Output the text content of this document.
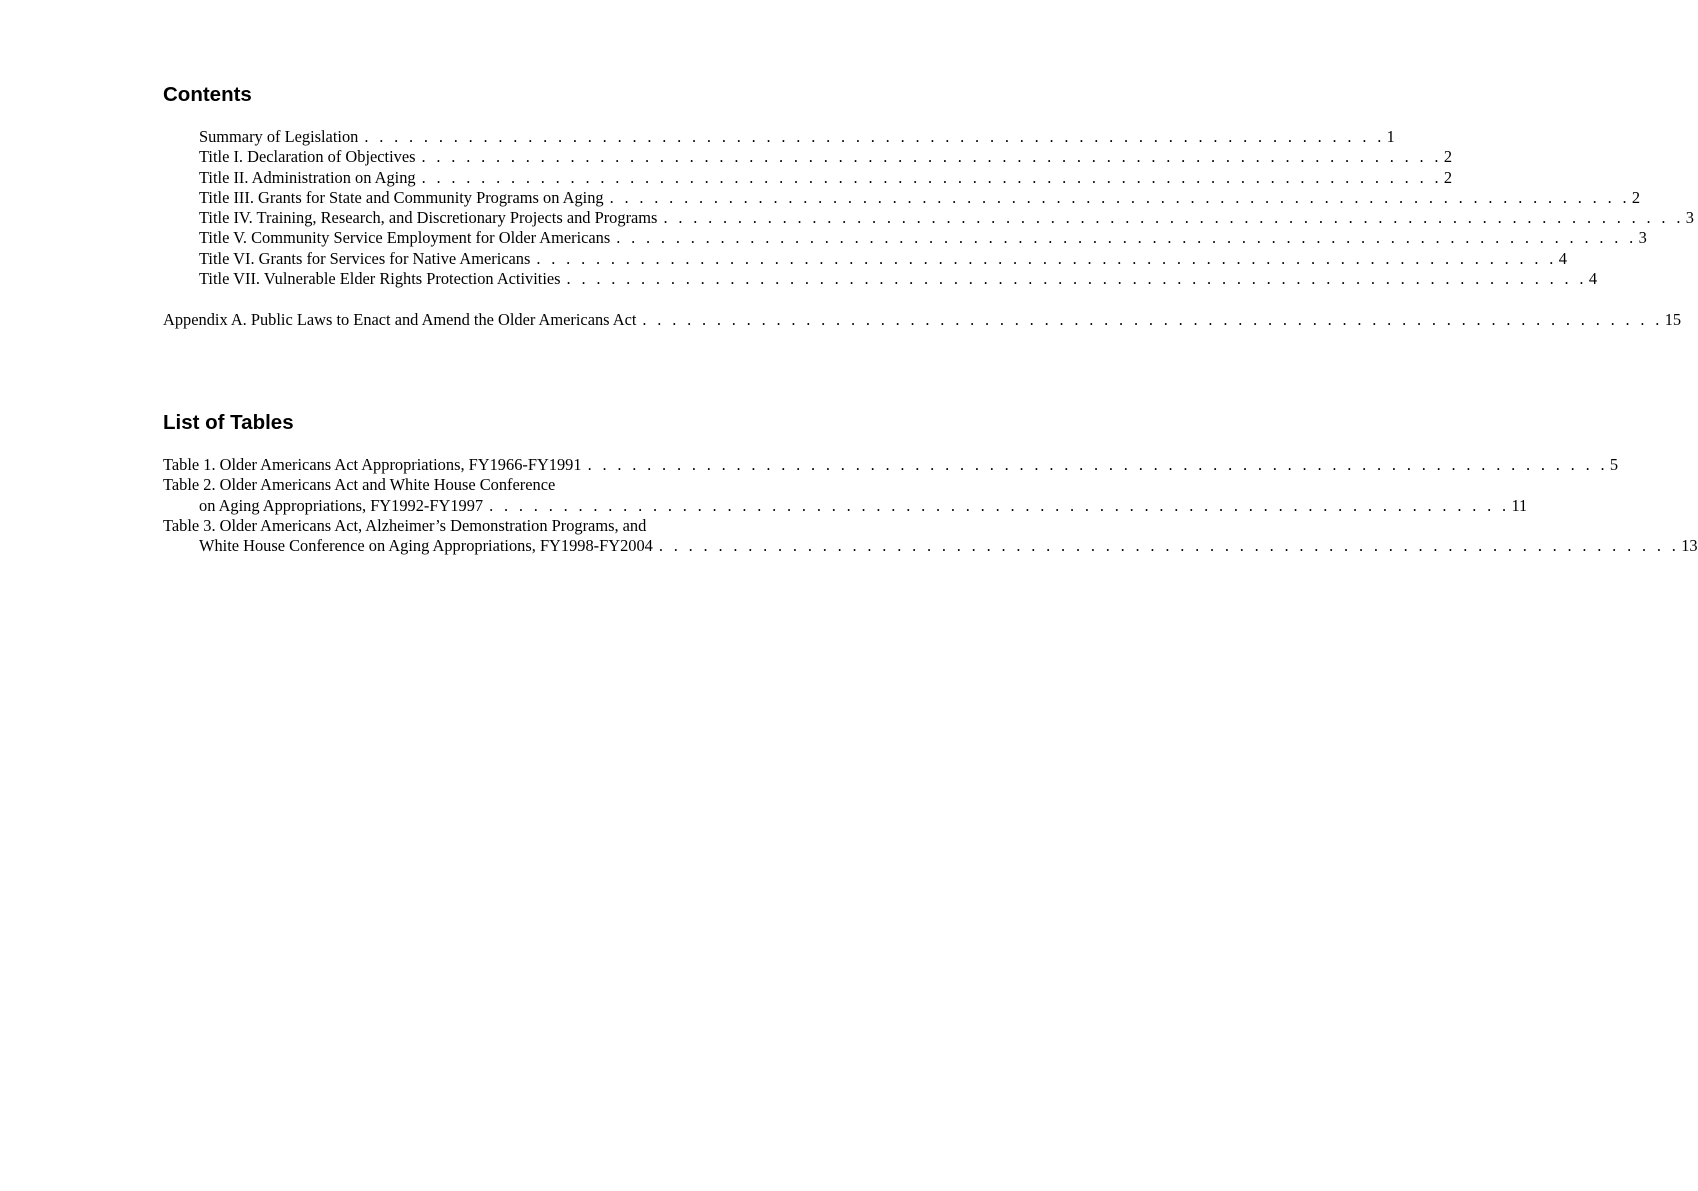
Contents
Summary of Legislation . . . . . . . . . . . . . . . . . . . . . . . . . . . . . . . . . . . . . . . . . . . . . . . . . . . . . . . . . . . . . . . . . . . . . 1
Title I. Declaration of Objectives . . . . . . . . . . . . . . . . . . . . . . . . . . . . . . . . . . . . . . . . . . . . . . . . . . . . . . . . . . . . . . . . . . . . . 2
Title II. Administration on Aging . . . . . . . . . . . . . . . . . . . . . . . . . . . . . . . . . . . . . . . . . . . . . . . . . . . . . . . . . . . . . . . . . . . . . 2
Title III. Grants for State and Community Programs on Aging . . . . . . . . . . . . . . . . . . . . . . . . . . . . . . . . . . . . . . . . . . . . . . . . . . . . . . . . . . . . . . . . . . . . . 2
Title IV. Training, Research, and Discretionary Projects and Programs . . . . . . . . . . . . . . . . . . . . . . . . . . . . . . . . . . . . . . . . . . . . . . . . . . . . . . . . . . . . . . . . . . . . . 3
Title V. Community Service Employment for Older Americans . . . . . . . . . . . . . . . . . . . . . . . . . . . . . . . . . . . . . . . . . . . . . . . . . . . . . . . . . . . . . . . . . . . . . 3
Title VI. Grants for Services for Native Americans . . . . . . . . . . . . . . . . . . . . . . . . . . . . . . . . . . . . . . . . . . . . . . . . . . . . . . . . . . . . . . . . . . . . . 4
Title VII. Vulnerable Elder Rights Protection Activities . . . . . . . . . . . . . . . . . . . . . . . . . . . . . . . . . . . . . . . . . . . . . . . . . . . . . . . . . . . . . . . . . . . . . 4
Appendix A. Public Laws to Enact and Amend the Older Americans Act . . . . . . . . . . . . . . . . . . . . . . . . . . . . . . . . . . . . . . . . . . . . . . . . . . . . . . . . . . . . . . . . . . . . . 15
List of Tables
Table 1. Older Americans Act Appropriations, FY1966-FY1991 . . . . . . . . . . . . . . . . . . . . . . . . . . . . . . . . . . . . . . . . . . . . . . . . . . . . . . . . . . . . . . . . . . . . . 5
Table 2. Older Americans Act and White House Conference
on Aging Appropriations, FY1992-FY1997 . . . . . . . . . . . . . . . . . . . . . . . . . . . . . . . . . . . . . . . . . . . . . . . . . . . . . . . . . . . . . . . . . . . . . 11
Table 3. Older Americans Act, Alzheimer’s Demonstration Programs, and
White House Conference on Aging Appropriations, FY1998-FY2004 . . . . . . . . . . . . . . . . . . . . . . . . . . . . . . . . . . . . . . . . . . . . . . . . . . . . . . . . . . . . . . . . . . . . . 13
